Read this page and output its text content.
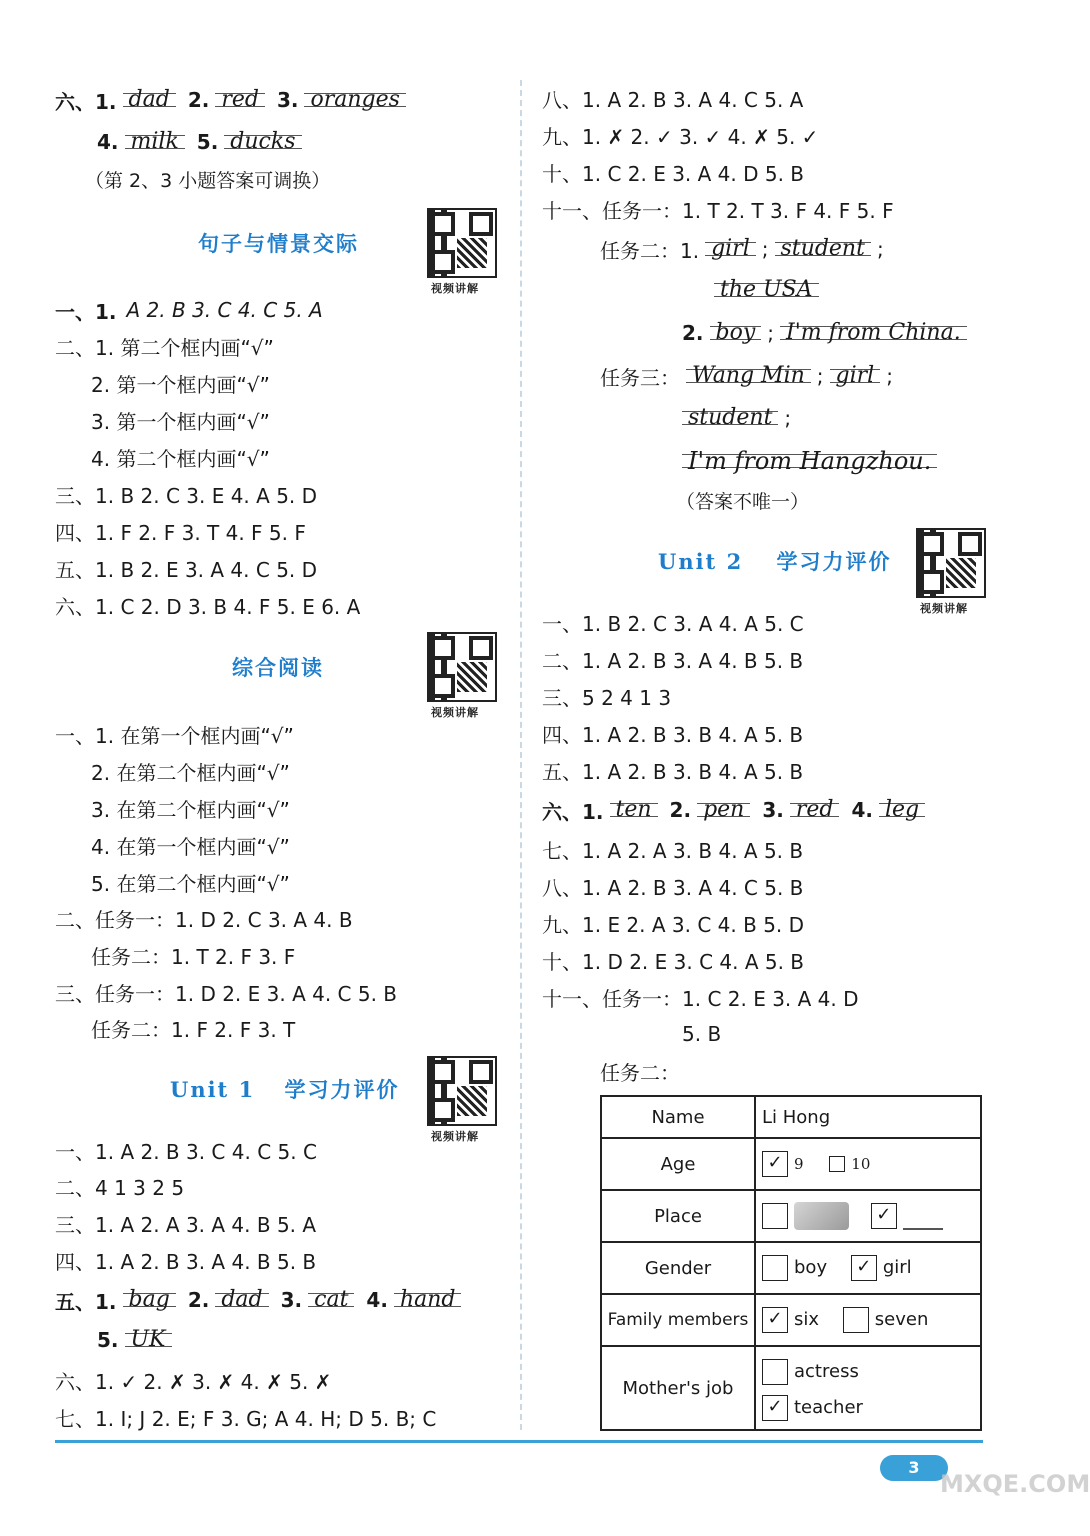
六、1. dad 2. red 3. oranges
4. milk 5. ducks
（第 2、3 小题答案可调换）
句子与情景交际
视频讲解
一、1. A 2. B 3. C 4. C 5. A
二、1. 第二个框内画“√”
2. 第一个框内画“√”
3. 第一个框内画“√”
4. 第二个框内画“√”
三、1. B 2. C 3. E 4. A 5. D
四、1. F 2. F 3. T 4. F 5. F
五、1. B 2. E 3. A 4. C 5. D
六、1. C 2. D 3. B 4. F 5. E 6. A
综合阅读
视频讲解
一、1. 在第一个框内画“√”
2. 在第二个框内画“√”
3. 在第二个框内画“√”
4. 在第一个框内画“√”
5. 在第二个框内画“√”
二、任务一：1. D 2. C 3. A 4. B
任务二：1. T 2. F 3. F
三、任务一：1. D 2. E 3. A 4. C 5. B
任务二：1. F 2. F 3. T
Unit 1 学习力评价
视频讲解
一、1. A 2. B 3. C 4. C 5. C
二、4 1 3 2 5
三、1. A 2. A 3. A 4. B 5. A
四、1. A 2. B 3. A 4. B 5. B
五、1. bag 2. dad 3. cat 4. hand
5. UK
六、1. ✓ 2. ✗ 3. ✗ 4. ✗ 5. ✗
七、1. I; J 2. E; F 3. G; A 4. H; D 5. B; C
八、1. A 2. B 3. A 4. C 5. A
九、1. ✗ 2. ✓ 3. ✓ 4. ✗ 5. ✓
十、1. C 2. E 3. A 4. D 5. B
十一、任务一：1. T 2. T 3. F 4. F 5. F
任务二：1. girl ; student ;
the USA
2. boy ; I'm from China.
任务三： Wang Min ; girl ;
student ;
I'm from Hangzhou.
（答案不唯一）
Unit 2 学习力评价
视频讲解
一、1. B 2. C 3. A 4. A 5. C
二、1. A 2. B 3. A 4. B 5. B
三、5 2 4 1 3
四、1. A 2. B 3. B 4. A 5. B
五、1. A 2. B 3. B 4. A 5. B
六、1. ten 2. pen 3. red 4. leg
七、1. A 2. A 3. B 4. A 5. B
八、1. A 2. B 3. A 4. C 5. B
九、1. E 2. A 3. C 4. B 5. D
十、1. D 2. E 3. C 4. A 5. B
十一、任务一：1. C 2. E 3. A 4. D
5. B
任务二：
Name	Li Hong
Age	✓ 9 10
Place	✓
Gender	boy ✓ girl
Family members	✓ six seven
Mother's job	actress
✓ teacher
3
MXQE.COM
